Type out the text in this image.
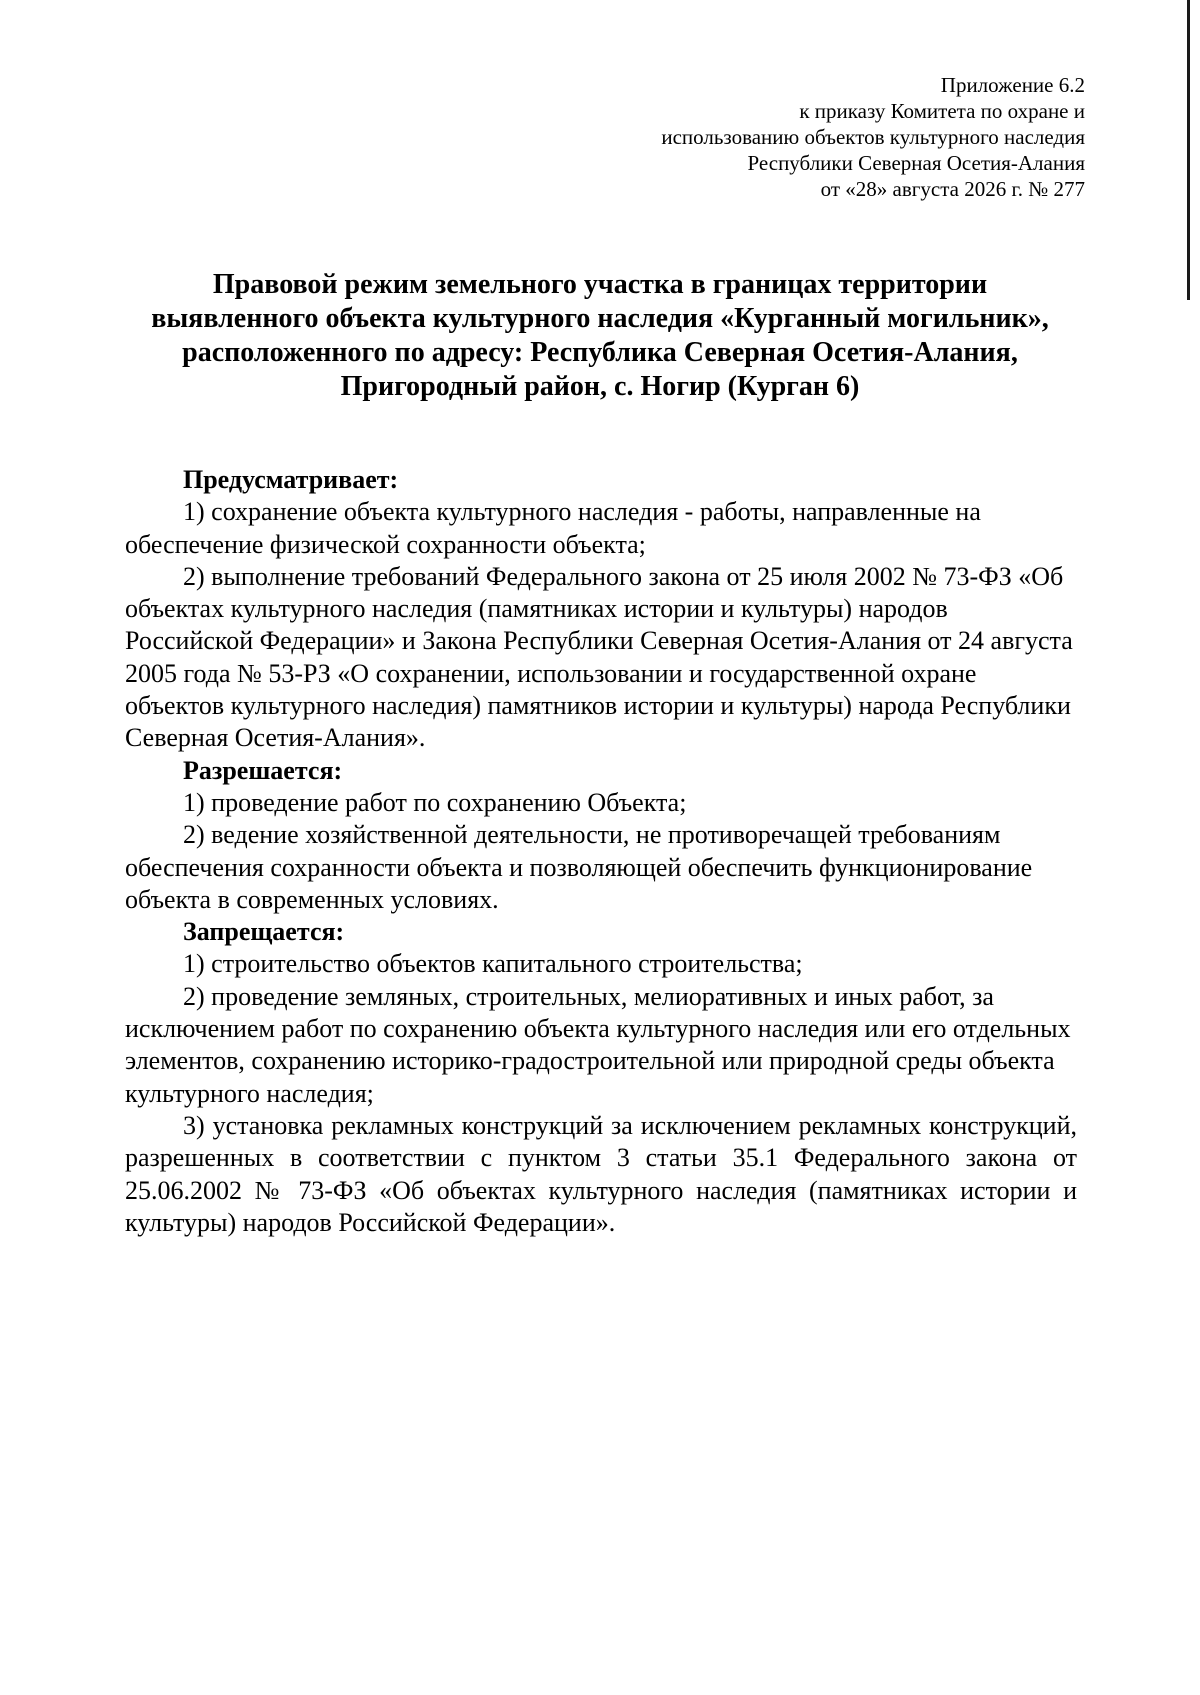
Приложение 6.2
к приказу Комитета по охране и
использованию объектов культурного наследия
Республики Северная Осетия-Алания
от «28» августа 2026 г. № 277
Правовой режим земельного участка в границах территории
выявленного объекта культурного наследия «Курганный могильник»,
расположенного по адресу: Республика Северная Осетия-Алания,
Пригородный район, с. Ногир (Курган 6)

Предусматривает:

1) сохранение объекта культурного наследия - работы, направленные на обеспечение физической сохранности объекта;

2) выполнение требований Федерального закона от 25 июля 2002 № 73-ФЗ «Об объектах культурного наследия (памятниках истории и культуры) народов Российской Федерации» и Закона Республики Северная Осетия-Алания от 24 августа 2005 года № 53-РЗ «О сохранении, использовании и государственной охране объектов культурного наследия) памятников истории и культуры) народа Республики Северная Осетия-Алания».

Разрешается:

1) проведение работ по сохранению Объекта;

2) ведение хозяйственной деятельности, не противоречащей требованиям обеспечения сохранности объекта и позволяющей обеспечить функционирование объекта в современных условиях.

Запрещается:

1) строительство объектов капитального строительства;

2) проведение земляных, строительных, мелиоративных и иных работ, за исключением работ по сохранению объекта культурного наследия или его отдельных элементов, сохранению историко-градостроительной или природной среды объекта культурного наследия;

3) установка рекламных конструкций за исключением рекламных конструкций, разрешенных в соответствии с пунктом 3 статьи 35.1 Федерального закона от 25.06.2002 № 73-ФЗ «Об объектах культурного наследия (памятниках истории и культуры) народов Российской Федерации».
